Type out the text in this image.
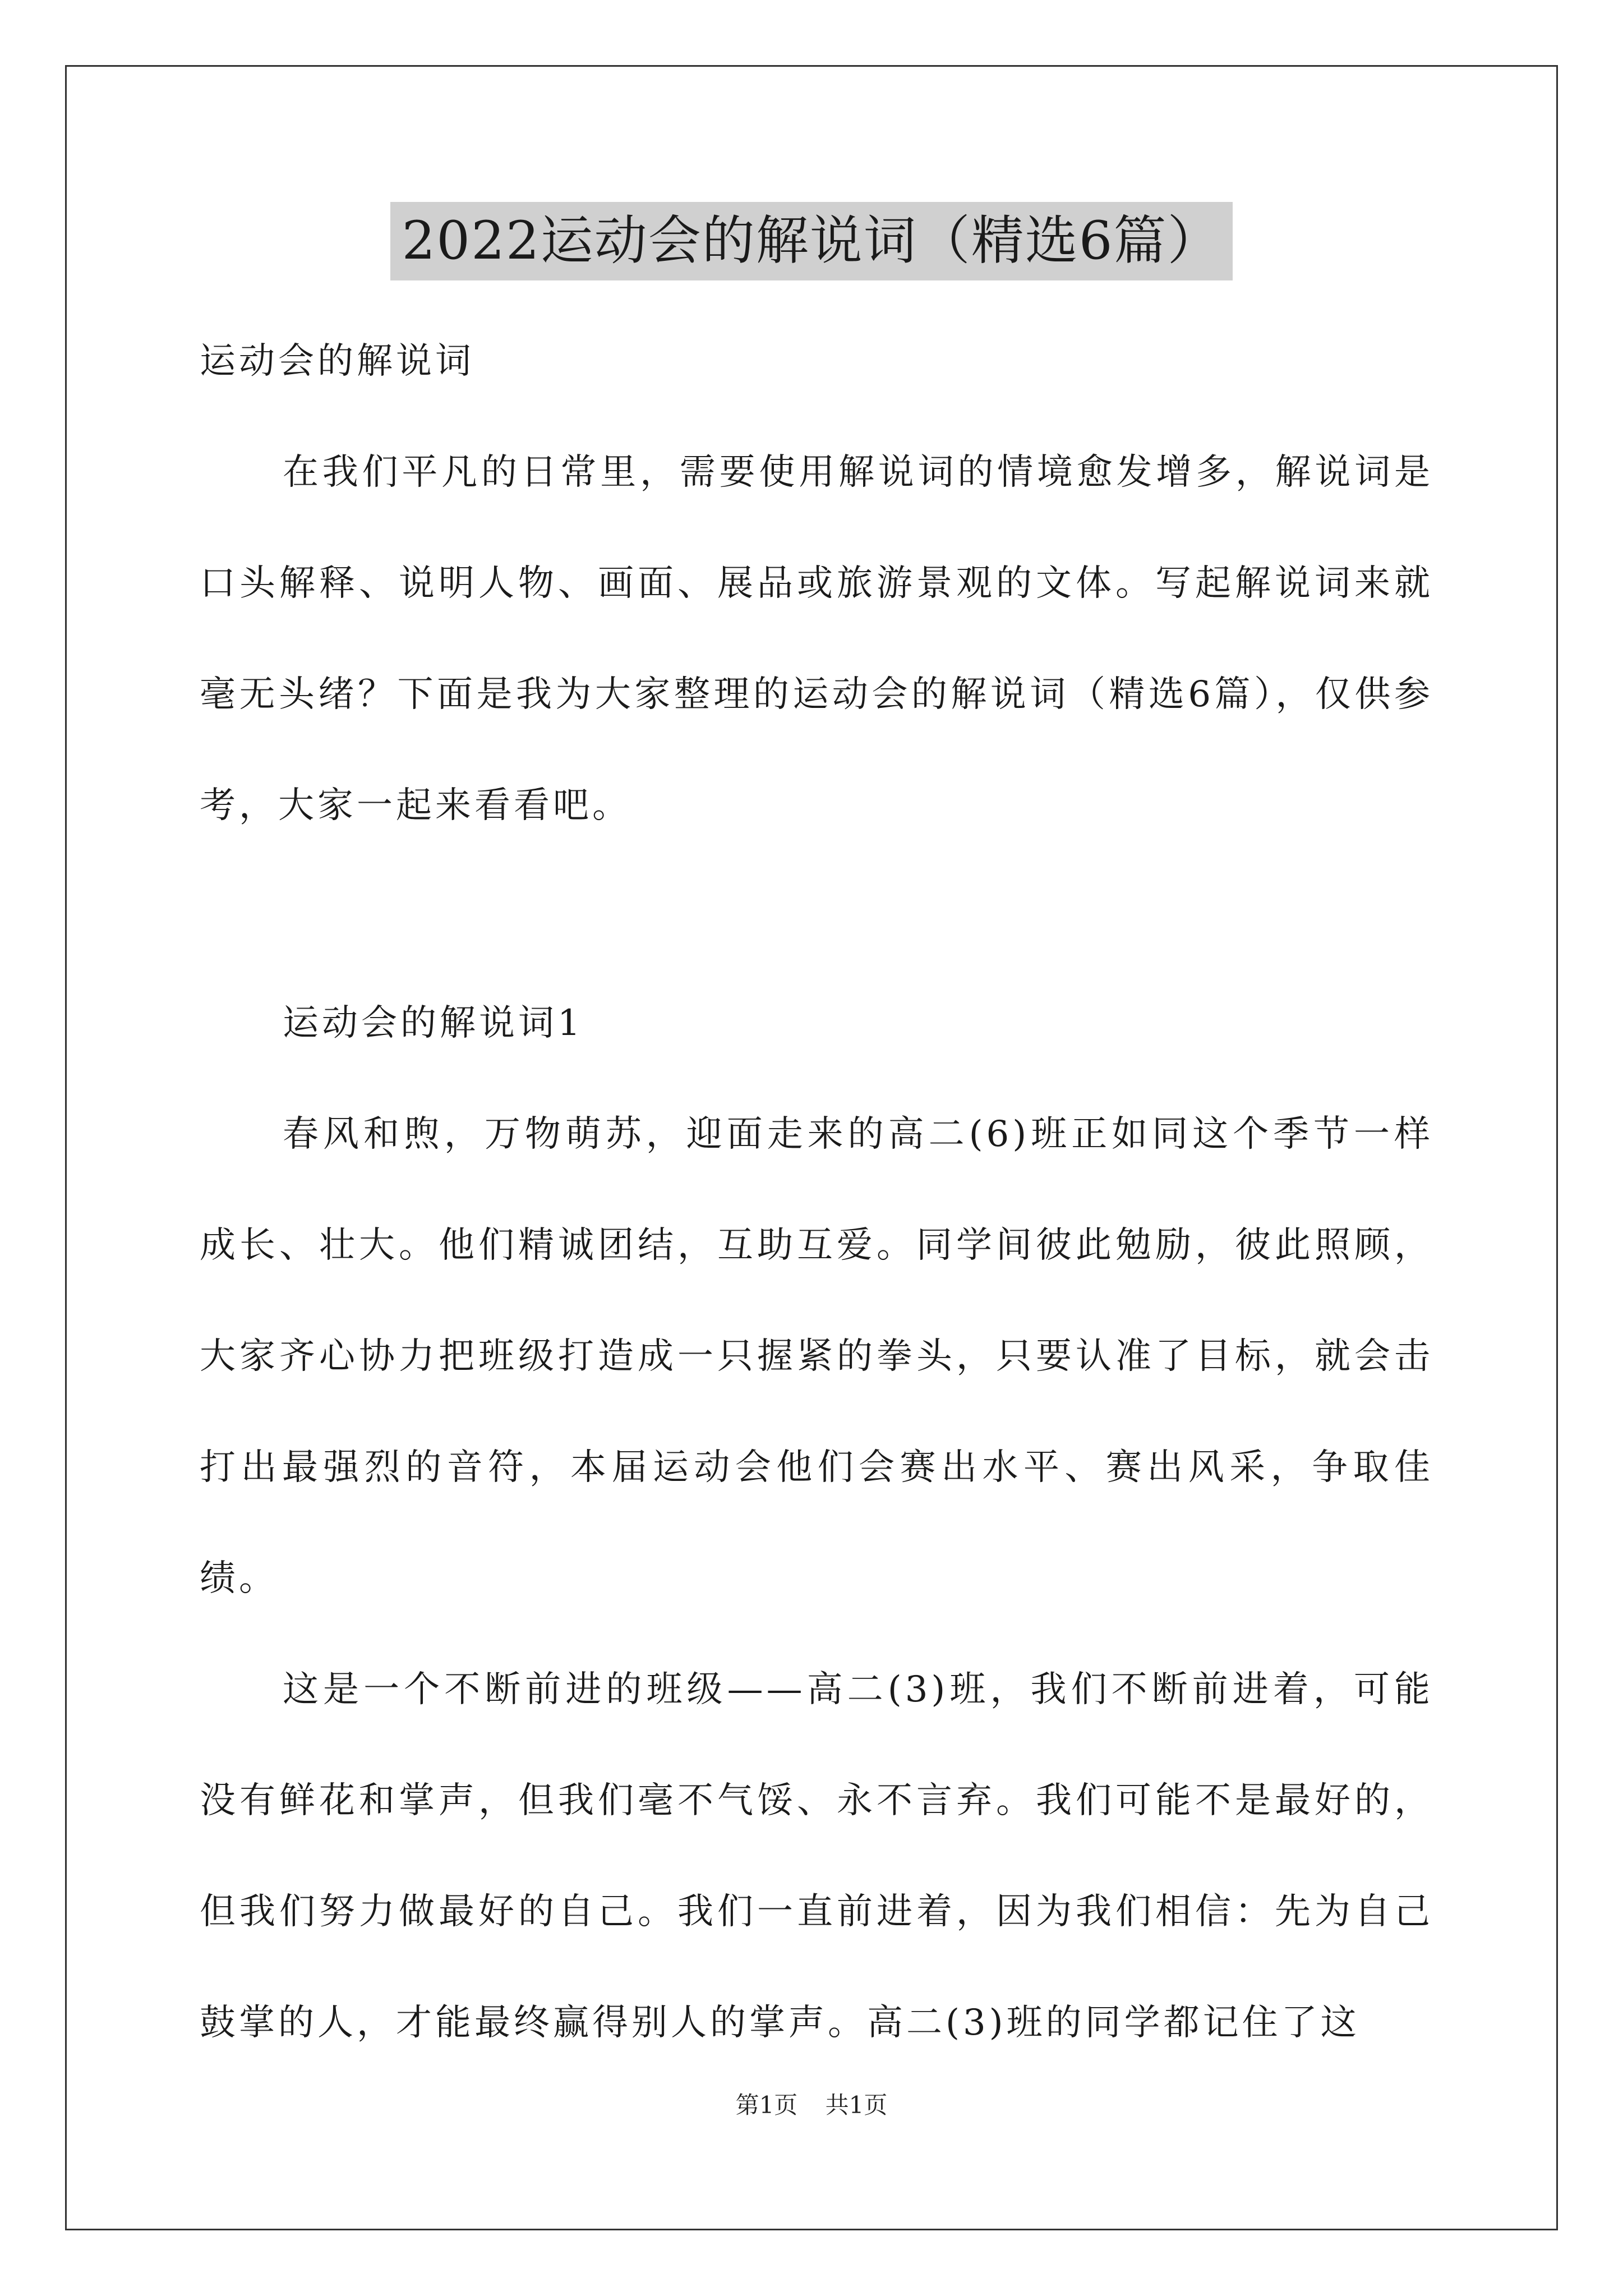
2022运动会的解说词（精选6篇）

运动会的解说词

在我们平凡的日常里，需要使用解说词的情境愈发增多，解说词是口头解释、说明人物、画面、展品或旅游景观的文体。写起解说词来就毫无头绪？下面是我为大家整理的运动会的解说词（精选6篇），仅供参考，大家一起来看看吧。

运动会的解说词1

春风和煦，万物萌苏，迎面走来的高二(6)班正如同这个季节一样成长、壮大。他们精诚团结，互助互爱。同学间彼此勉励，彼此照顾，大家齐心协力把班级打造成一只握紧的拳头，只要认准了目标，就会击打出最强烈的音符，本届运动会他们会赛出水平、赛出风采，争取佳绩。

这是一个不断前进的班级——高二(3)班，我们不断前进着，可能没有鲜花和掌声，但我们毫不气馁、永不言弃。我们可能不是最好的，但我们努力做最好的自己。我们一直前进着，因为我们相信：先为自己鼓掌的人，才能最终赢得别人的掌声。高二(3)班的同学都记住了这

第1页 共1页
